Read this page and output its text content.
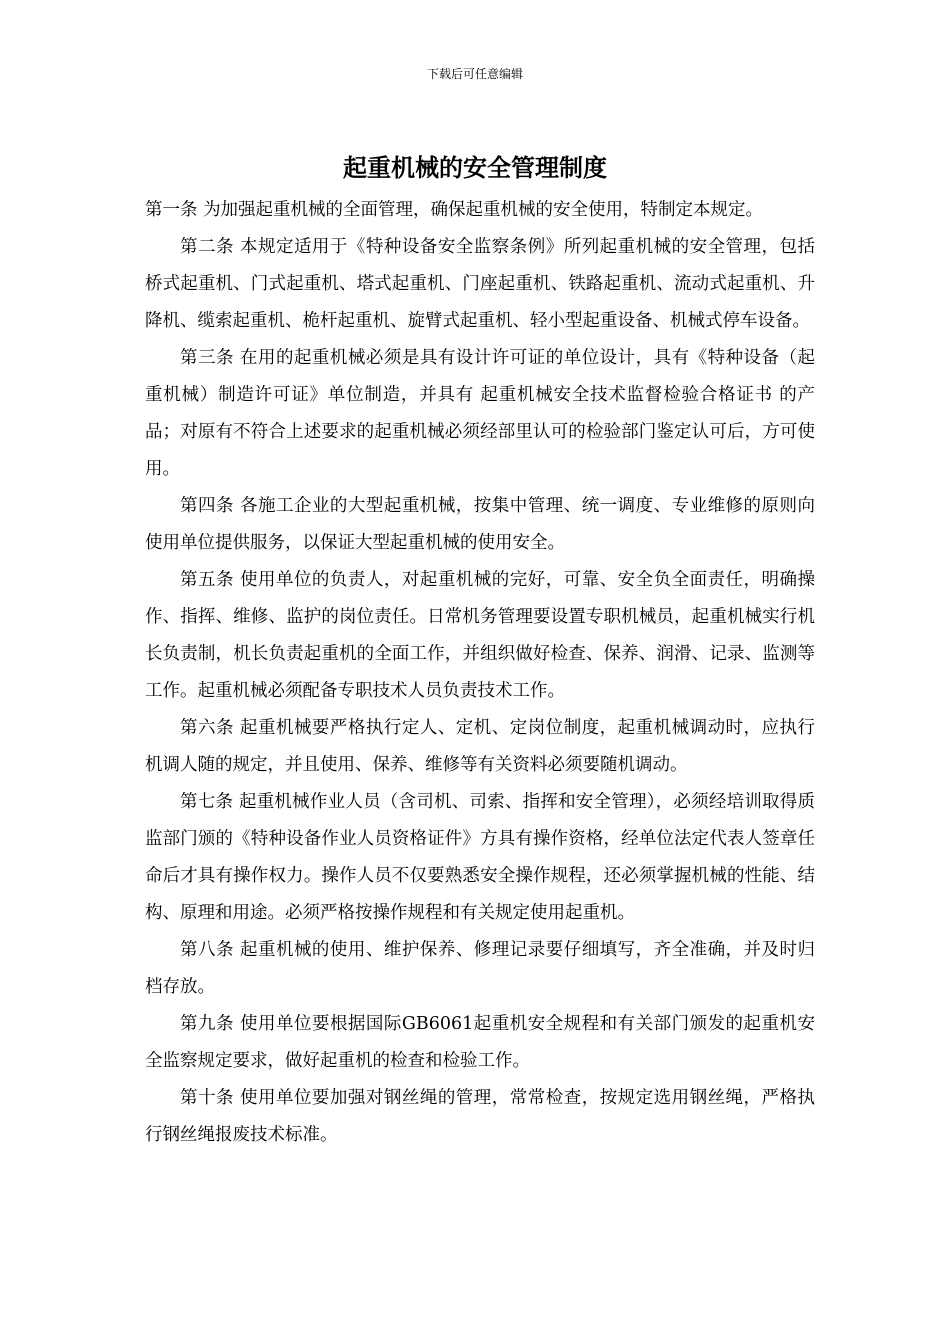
下载后可任意编辑
起重机械的安全管理制度

第一条 为加强起重机械的全面管理，确保起重机械的安全使用，特制定本规定。

第二条 本规定适用于《特种设备安全监察条例》所列起重机械的安全管理，包括桥式起重机、门式起重机、塔式起重机、门座起重机、铁路起重机、流动式起重机、升降机、缆索起重机、桅杆起重机、旋臂式起重机、轻小型起重设备、机械式停车设备。

第三条 在用的起重机械必须是具有设计许可证的单位设计，具有《特种设备（起重机械）制造许可证》单位制造，并具有 起重机械安全技术监督检验合格证书 的产品；对原有不符合上述要求的起重机械必须经部里认可的检验部门鉴定认可后，方可使用。

第四条 各施工企业的大型起重机械，按集中管理、统一调度、专业维修的原则向使用单位提供服务，以保证大型起重机械的使用安全。

第五条 使用单位的负责人，对起重机械的完好，可靠、安全负全面责任，明确操作、指挥、维修、监护的岗位责任。日常机务管理要设置专职机械员，起重机械实行机长负责制，机长负责起重机的全面工作，并组织做好检查、保养、润滑、记录、监测等工作。起重机械必须配备专职技术人员负责技术工作。

第六条 起重机械要严格执行定人、定机、定岗位制度，起重机械调动时，应执行机调人随的规定，并且使用、保养、维修等有关资料必须要随机调动。

第七条 起重机械作业人员（含司机、司索、指挥和安全管理），必须经培训取得质监部门颁的《特种设备作业人员资格证件》方具有操作资格，经单位法定代表人签章任命后才具有操作权力。操作人员不仅要熟悉安全操作规程，还必须掌握机械的性能、结构、原理和用途。必须严格按操作规程和有关规定使用起重机。

第八条 起重机械的使用、维护保养、修理记录要仔细填写，齐全准确，并及时归档存放。

第九条 使用单位要根据国际GB6061起重机安全规程和有关部门颁发的起重机安全监察规定要求，做好起重机的检查和检验工作。

第十条 使用单位要加强对钢丝绳的管理，常常检查，按规定选用钢丝绳，严格执行钢丝绳报废技术标准。
